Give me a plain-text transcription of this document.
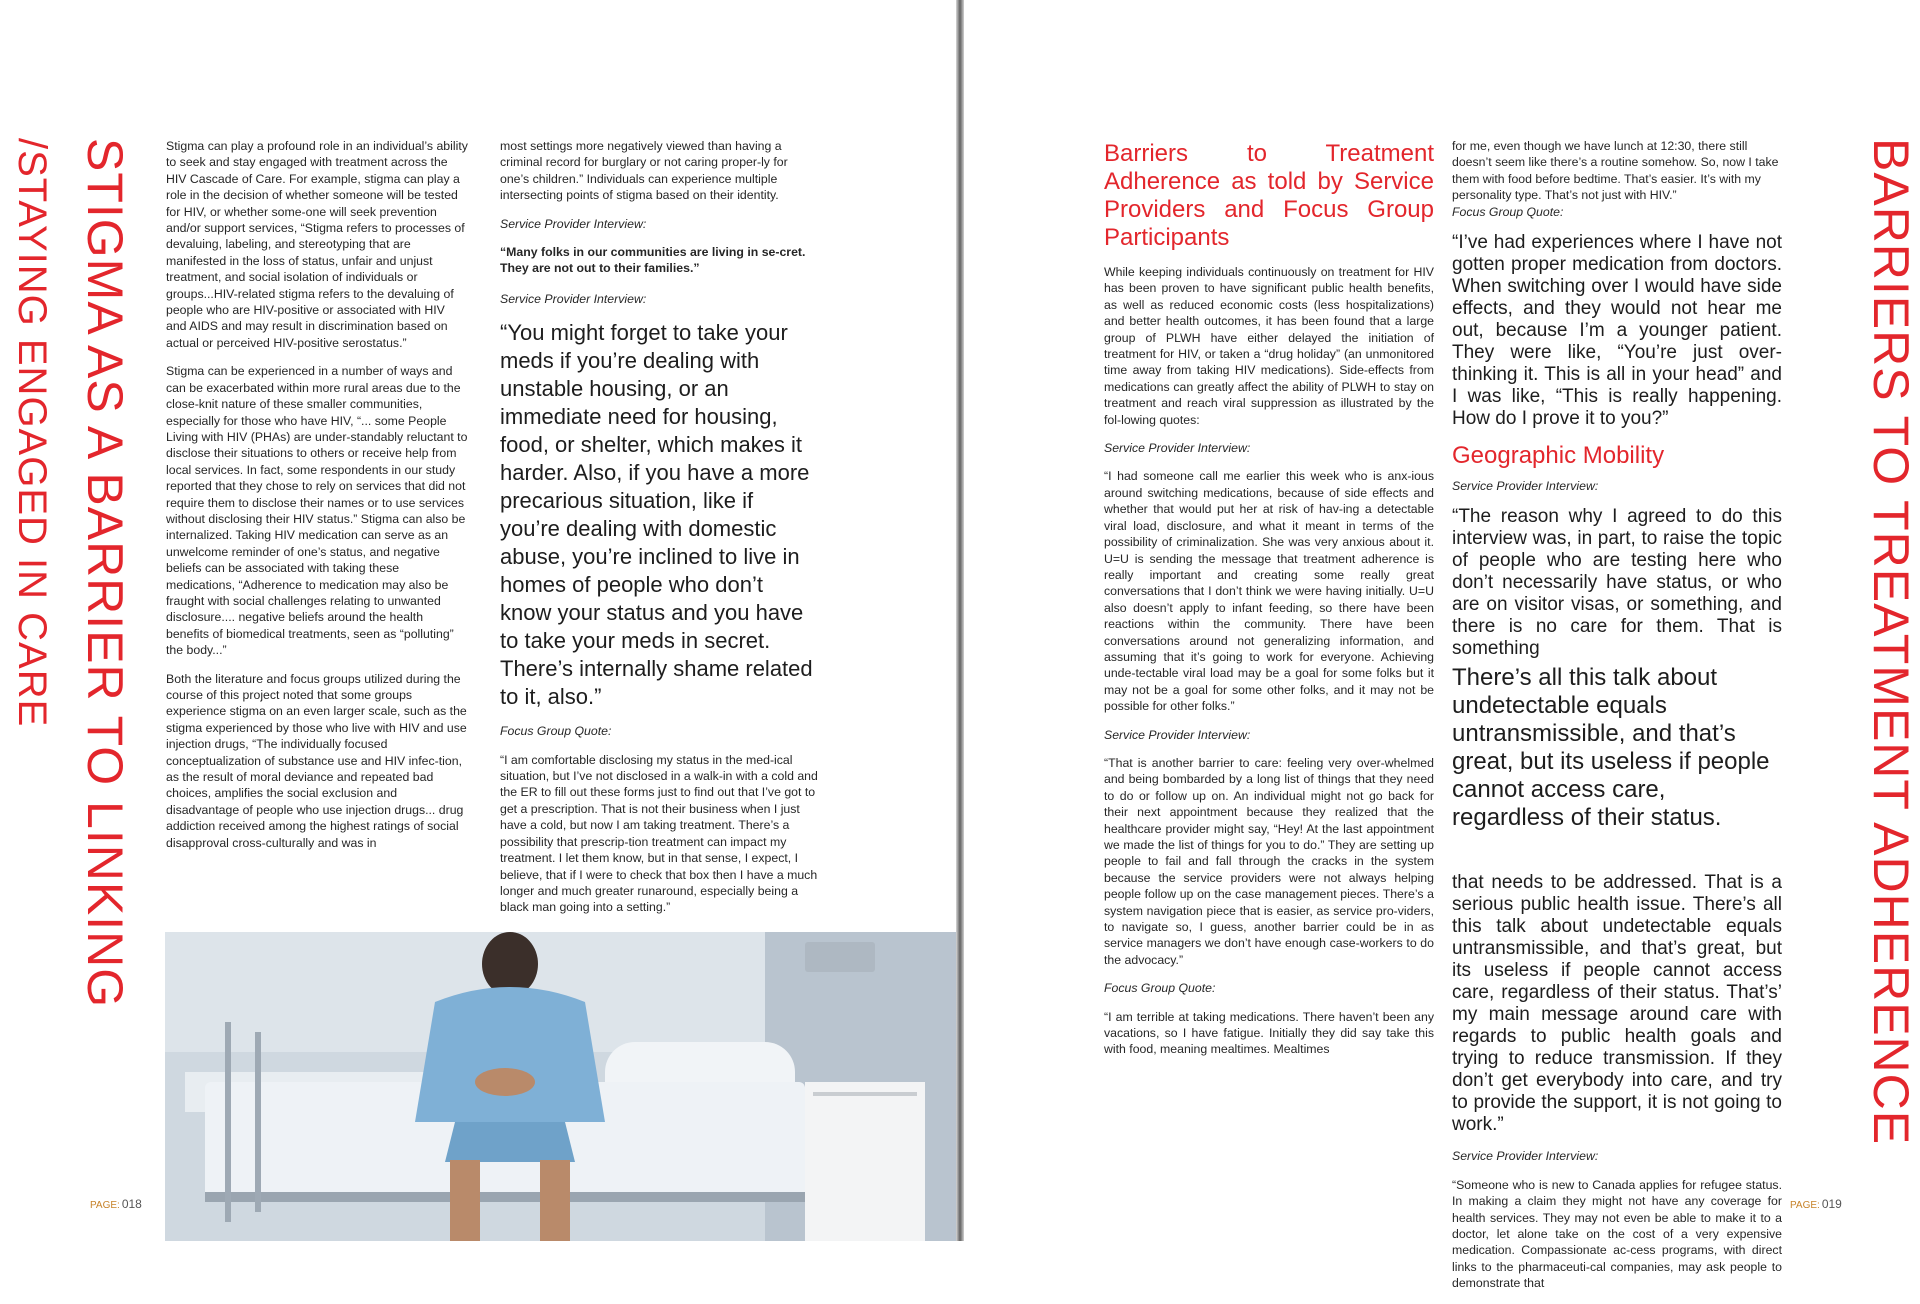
STIGMA AS A BARRIER TO LINKING
/STAYING ENGAGED IN CARE	Stigma can play a profound role in an individual’s ability to seek and stay engaged with treatment across the HIV Cascade of Care. For example, stigma can play a role in the decision of whether someone will be tested for HIV, or whether some-one will seek prevention and/or support services, “Stigma refers to processes of devaluing, labeling, and stereotyping that are manifested in the loss of status, unfair and unjust treatment, and social isolation of individuals or groups...HIV-related stigma refers to the devaluing of people who are HIV-positive or associated with HIV and AIDS and may result in discrimination based on actual or perceived HIV-positive serostatus.”

Stigma can be experienced in a number of ways and can be exacerbated within more rural areas due to the close-knit nature of these smaller communities, especially for those who have HIV, “... some People Living with HIV (PHAs) are under-standably reluctant to disclose their situations to others or receive help from local services. In fact, some respondents in our study reported that they chose to rely on services that did not require them to disclose their names or to use services without disclosing their HIV status.” Stigma can also be internalized. Taking HIV medication can serve as an unwelcome reminder of one’s status, and negative beliefs can be associated with taking these medications, “Adherence to medication may also be fraught with social challenges relating to unwanted disclosure.... negative beliefs around the health benefits of biomedical treatments, seen as “polluting” the body...”

Both the literature and focus groups utilized during the course of this project noted that some groups experience stigma on an even larger scale, such as the stigma experienced by those who live with HIV and use injection drugs, “The individually focused conceptualization of substance use and HIV infec-tion, as the result of moral deviance and repeated bad choices, amplifies the social exclusion and disadvantage of people who use injection drugs... drug addiction received among the highest ratings of social disapproval cross-culturally and was in

most settings more negatively viewed than having a criminal record for burglary or not caring proper-ly for one’s children.” Individuals can experience multiple intersecting points of stigma based on their identity.

Service Provider Interview:

“Many folks in our communities are living in se-cret. They are not out to their families.”

Service Provider Interview:

“You might forget to take your meds if you’re dealing with unstable housing, or an immediate need for housing, food, or shelter, which makes it harder. Also, if you have a more precarious situation, like if you’re dealing with domestic abuse, you’re inclined to live in homes of people who don’t know your status and you have to take your meds in secret. There’s internally shame related to it, also.”

Focus Group Quote:

“I am comfortable disclosing my status in the med-ical situation, but I’ve not disclosed in a walk-in with a cold and the ER to fill out these forms just to find out that I’ve got to get a prescription. That is not their business when I just have a cold, but now I am taking treatment. There’s a possibility that prescrip-tion treatment can impact my treatment. I let them know, but in that sense, I expect, I believe, that if I were to check that box then I have a much longer and much greater runaround, especially being a black man going into a setting.”

PAGE: 018
BARRIERS TO TREATMENT ADHERENCE

Barriers to Treatment Adherence as told by Service Providers and Focus Group Participants

While keeping individuals continuously on treatment for HIV has been proven to have significant public health benefits, as well as reduced economic costs (less hospitalizations) and better health outcomes, it has been found that a large group of PLWH have either delayed the initiation of treatment for HIV, or taken a “drug holiday” (an unmonitored time away from taking HIV medications). Side-effects from medications can greatly affect the ability of PLWH to stay on treatment and reach viral suppression as illustrated by the fol-lowing quotes:

Service Provider Interview:

“I had someone call me earlier this week who is anx-ious around switching medications, because of side effects and whether that would put her at risk of hav-ing a detectable viral load, disclosure, and what it meant in terms of the possibility of criminalization. She was very anxious about it. U=U is sending the message that treatment adherence is really important and creating some really great conversations that I don’t think we were having initially. U=U also doesn’t apply to infant feeding, so there have been reactions within the community. There have been conversations around not generalizing information, and assuming that it’s going to work for everyone. Achieving unde-tectable viral load may be a goal for some folks but it may not be a goal for some other folks, and it may not be possible for other folks.”

Service Provider Interview:

“That is another barrier to care: feeling very over-whelmed and being bombarded by a long list of things that they need to do or follow up on. An individual might not go back for their next appointment because they realized that the healthcare provider might say, “Hey! At the last appointment we made the list of things for you to do.” They are setting up people to fail and fall through the cracks in the system because the service providers were not always helping people follow up on the case management pieces. There’s a system navigation piece that is easier, as service pro-viders, to navigate so, I guess, another barrier could be in as service managers we don’t have enough case-workers to do the advocacy.”

Focus Group Quote:

“I am terrible at taking medications. There haven’t been any vacations, so I have fatigue. Initially they did say take this with food, meaning mealtimes. Mealtimes

for me, even though we have lunch at 12:30, there still doesn’t seem like there’s a routine somehow. So, now I take them with food before bedtime. That’s easier. It’s with my personality type. That’s not just with HIV.”

Focus Group Quote:

“I’ve had experiences where I have not gotten proper medication from doctors. When switching over I would have side effects, and they would not hear me out, because I’m a younger patient. They were like, “You’re just over-thinking it. This is all in your head” and I was like, “This is really happening. How do I prove it to you?”

Geographic Mobility

Service Provider Interview:

“The reason why I agreed to do this interview was, in part, to raise the topic of people who are testing here who don’t necessarily have status, or who are on visitor visas, or something, and there is no care for them. That is something

There’s all this talk about undetectable equals untransmissible, and that’s great, but its useless if people cannot access care, regardless of their status.

that needs to be addressed. That is a serious public health issue. There’s all this talk about undetectable equals untransmissible, and that’s great, but its useless if people cannot access care, regardless of their status. That’s’ my main message around care with regards to public health goals and trying to reduce transmission. If they don’t get everybody into care, and try to provide the support, it is not going to work.”

Service Provider Interview:

“Someone who is new to Canada applies for refugee status. In making a claim they might not have any coverage for health services. They may not even be able to make it to a doctor, let alone take on the cost of a very expensive medication. Compassionate ac-cess programs, with direct links to the pharmaceuti-cal companies, may ask people to demonstrate that

PAGE: 019
